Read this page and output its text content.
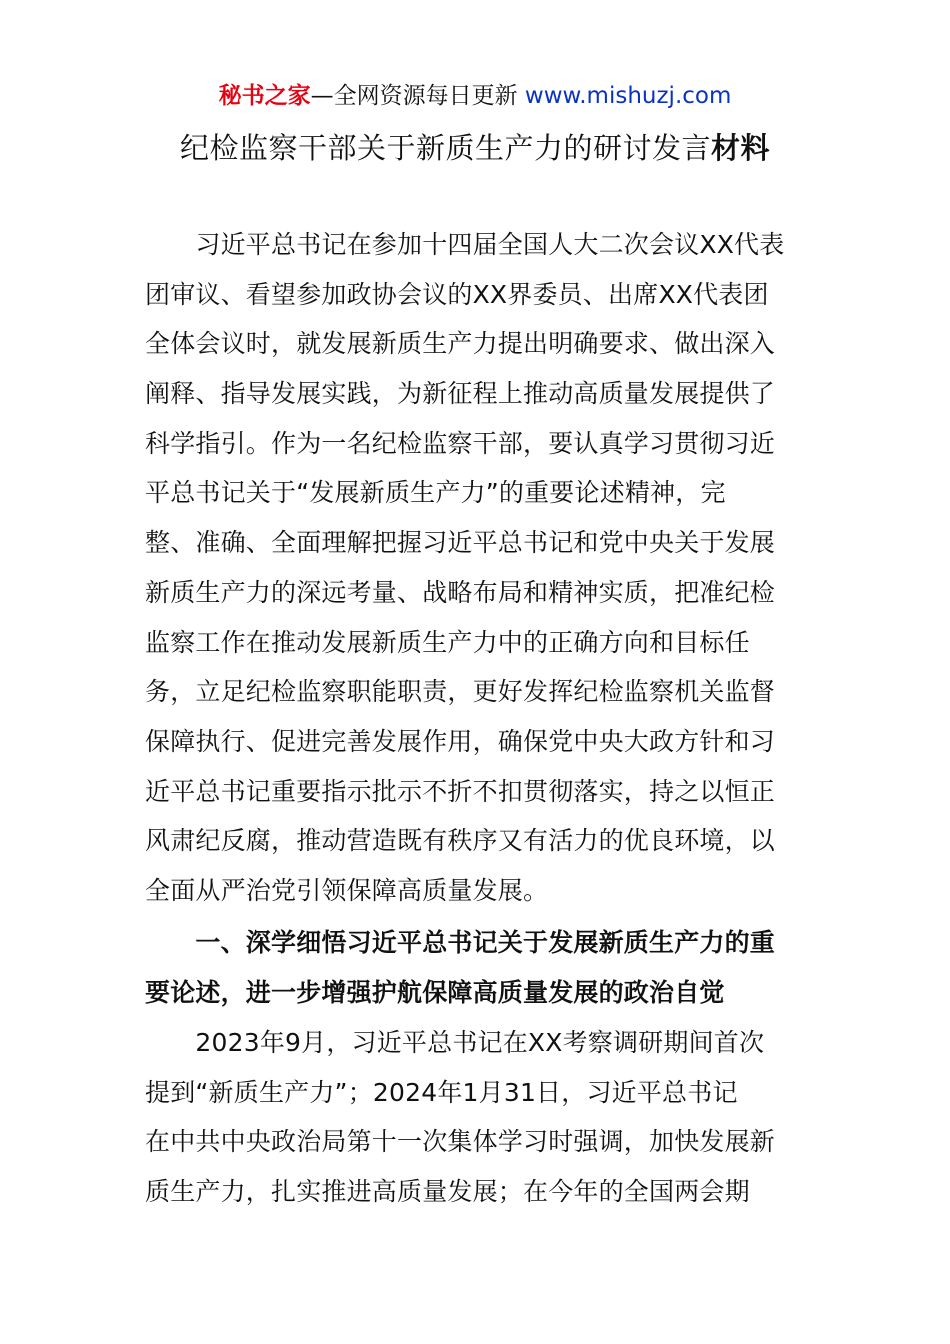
秘书之家—全网资源每日更新 www.mishuzj.com
纪检监察干部关于新质生产力的研讨发言材料
　　习近平总书记在参加十四届全国人大二次会议XX代表
团审议、看望参加政协会议的XX界委员、出席XX代表团
全体会议时，就发展新质生产力提出明确要求、做出深入
阐释、指导发展实践，为新征程上推动高质量发展提供了
科学指引。作为一名纪检监察干部，要认真学习贯彻习近
平总书记关于“发展新质生产力”的重要论述精神，完
整、准确、全面理解把握习近平总书记和党中央关于发展
新质生产力的深远考量、战略布局和精神实质，把准纪检
监察工作在推动发展新质生产力中的正确方向和目标任
务，立足纪检监察职能职责，更好发挥纪检监察机关监督
保障执行、促进完善发展作用，确保党中央大政方针和习
近平总书记重要指示批示不折不扣贯彻落实，持之以恒正
风肃纪反腐，推动营造既有秩序又有活力的优良环境，以
全面从严治党引领保障高质量发展。
　　一、深学细悟习近平总书记关于发展新质生产力的重
要论述，进一步增强护航保障高质量发展的政治自觉
　　2023年9月，习近平总书记在XX考察调研期间首次
提到“新质生产力”；2024年1月31日，习近平总书记
在中共中央政治局第十一次集体学习时强调，加快发展新
质生产力，扎实推进高质量发展；在今年的全国两会期
